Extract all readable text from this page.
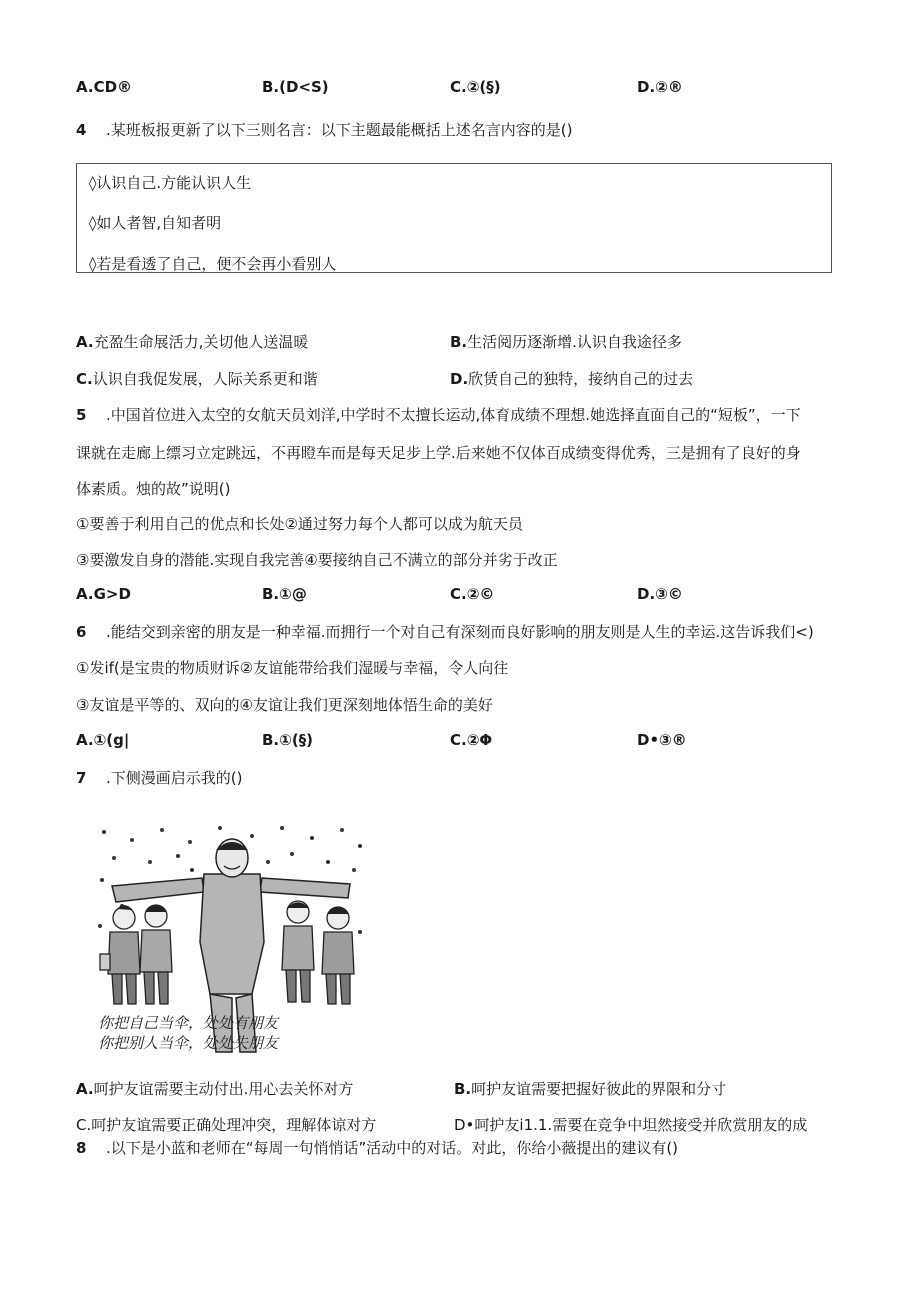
A.CD®	B.(D<S)	C.②(§)	D.②®
4 .某班板报更新了以下三则名言：以下主题最能概括上述名言内容的是()
◊认识自己.方能认识人生
◊如人者智,自知者明
◊若是看透了自己，便不会再小看别人
A.充盈生命展活力,关切他人送温暖	B.生活阅历逐渐增.认识自我途径多
C.认识自我促发展，人际关系更和谐	D.欣赁自己的独特，接纳自己的过去
5 .中国首位进入太空的女航天员刘洋,中学时不太擅长运动,体育成绩不理想.她选择直面自己的“短板”，一下
课就在走廊上缥习立定跳远，不再瞪车而是每天足步上学.后来她不仅体百成绩变得优秀，三是拥有了良好的身
体素质。烛的故”说明()
①要善于利用自己的优点和长处②通过努力每个人都可以成为航天员
③要激发自身的潜能.实现自我完善④要接纳自己不满立的部分并劣于改正
A.G>D	B.①@	C.②©	D.③©
6 .能结交到亲密的朋友是一种幸福.而拥行一个对自己有深刻而良好影响的朋友则是人生的幸运.这告诉我们<)
①发if(是宝贵的物质财诉②友谊能带给我们湿暖与幸福，令人向往
③友谊是平等的、双向的④友谊让我们更深刻地体悟生命的美好
A.①(g|	B.①(§)	C.②Φ	D•③®
7 .下侧漫画启示我的()
你把自己当伞，处处有朋友
你把别人当伞，处处失朋友
A.呵护友谊需要主动付出.用心去关怀对方	B.呵护友谊需要把握好彼此的界限和分寸
C.呵护友谊需要正确处理冲突，理解体谅对方	D•呵护友i1.1.需要在竞争中坦然接受并欣赏朋友的成
8 .以下是小蓝和老师在“每周一句悄悄话”活动中的对话。对此，你给小薇提出的建议有()
